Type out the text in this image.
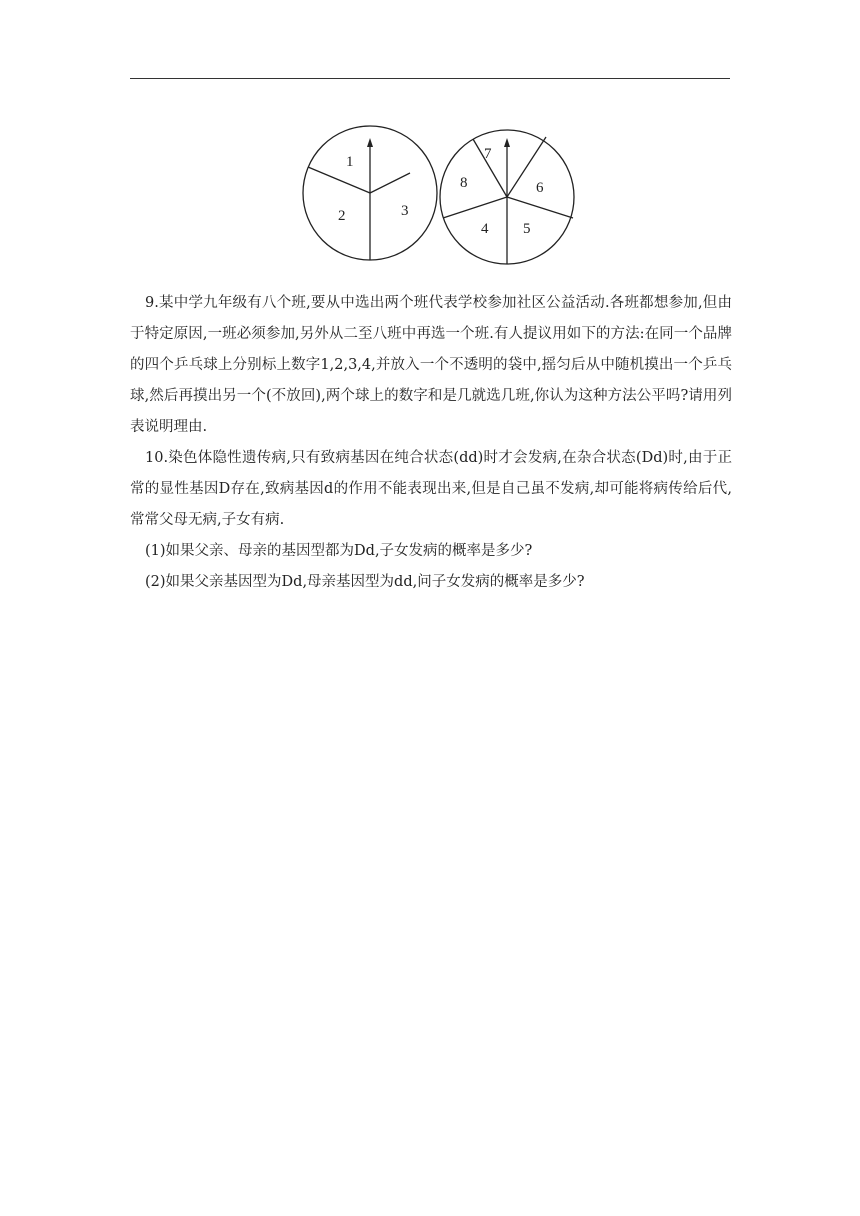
1
2	3
7
8	6
4 5

9.某中学九年级有八个班,要从中选出两个班代表学校参加社区公益活动.各班都想参加,但由于特定原因,一班必须参加,另外从二至八班中再选一个班.有人提议用如下的方法:在同一个品牌的四个乒乓球上分别标上数字1,2,3,4,并放入一个不透明的袋中,摇匀后从中随机摸出一个乒乓球,然后再摸出另一个(不放回),两个球上的数字和是几就选几班,你认为这种方法公平吗?请用列表说明理由.

10.染色体隐性遗传病,只有致病基因在纯合状态(dd)时才会发病,在杂合状态(Dd)时,由于正常的显性基因D存在,致病基因d的作用不能表现出来,但是自己虽不发病,却可能将病传给后代,常常父母无病,子女有病.

(1)如果父亲、母亲的基因型都为Dd,子女发病的概率是多少?

(2)如果父亲基因型为Dd,母亲基因型为dd,问子女发病的概率是多少?
